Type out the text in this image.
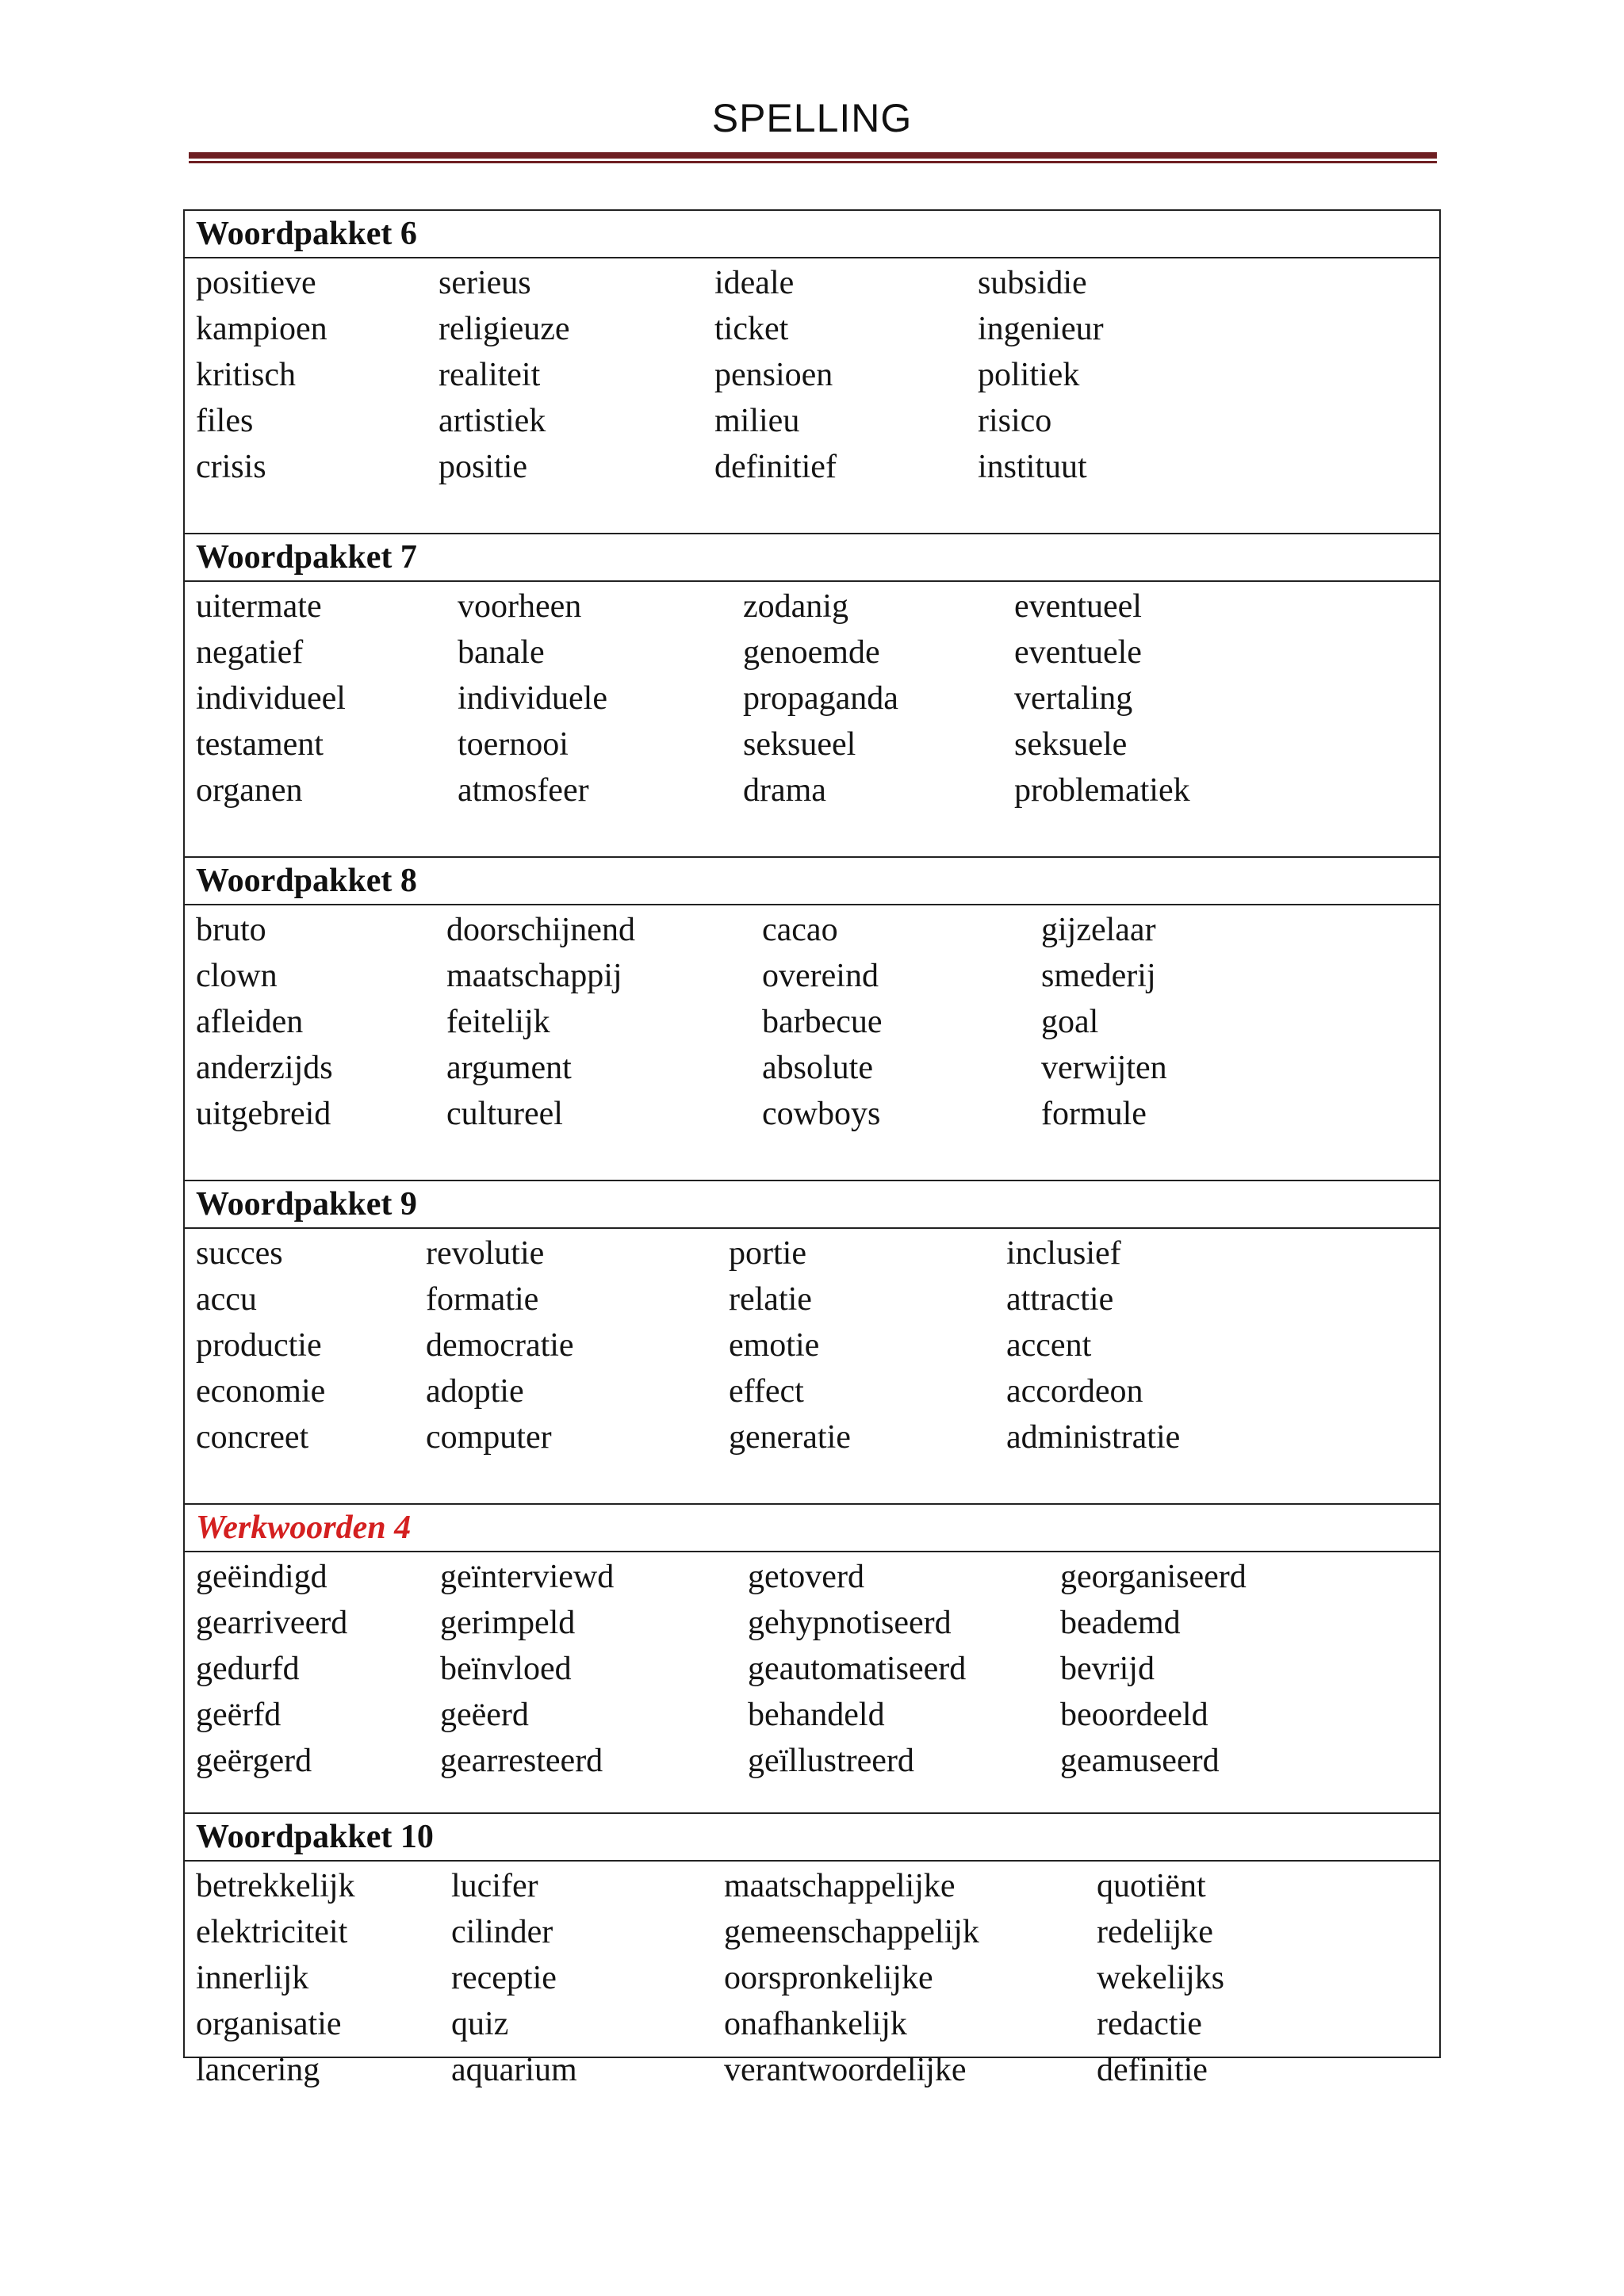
SPELLING
Woordpakket 6
positieve	serieus	ideale	subsidie
kampioen	religieuze	ticket	ingenieur
kritisch	realiteit	pensioen	politiek
files	artistiek	milieu	risico
crisis	positie	definitief	instituut
Woordpakket 7
uitermate	voorheen	zodanig	eventueel
negatief	banale	genoemde	eventuele
individueel	individuele	propaganda	vertaling
testament	toernooi	seksueel	seksuele
organen	atmosfeer	drama	problematiek
Woordpakket 8
bruto	doorschijnend	cacao	gijzelaar
clown	maatschappij	overeind	smederij
afleiden	feitelijk	barbecue	goal
anderzijds	argument	absolute	verwijten
uitgebreid	cultureel	cowboys	formule
Woordpakket 9
succes	revolutie	portie	inclusief
accu	formatie	relatie	attractie
productie	democratie	emotie	accent
economie	adoptie	effect	accordeon
concreet	computer	generatie	administratie
Werkwoorden 4
geëindigd	geïnterviewd	getoverd	georganiseerd
gearriveerd	gerimpeld	gehypnotiseerd	beademd
gedurfd	beïnvloed	geautomatiseerd	bevrijd
geërfd	geëerd	behandeld	beoordeeld
geërgerd	gearresteerd	geïllustreerd	geamuseerd
Woordpakket 10
betrekkelijk	lucifer	maatschappelijke	quotiënt
elektriciteit	cilinder	gemeenschappelijk	redelijke
innerlijk	receptie	oorspronkelijke	wekelijks
organisatie	quiz	onafhankelijk	redactie
lancering	aquarium	verantwoordelijke	definitie
